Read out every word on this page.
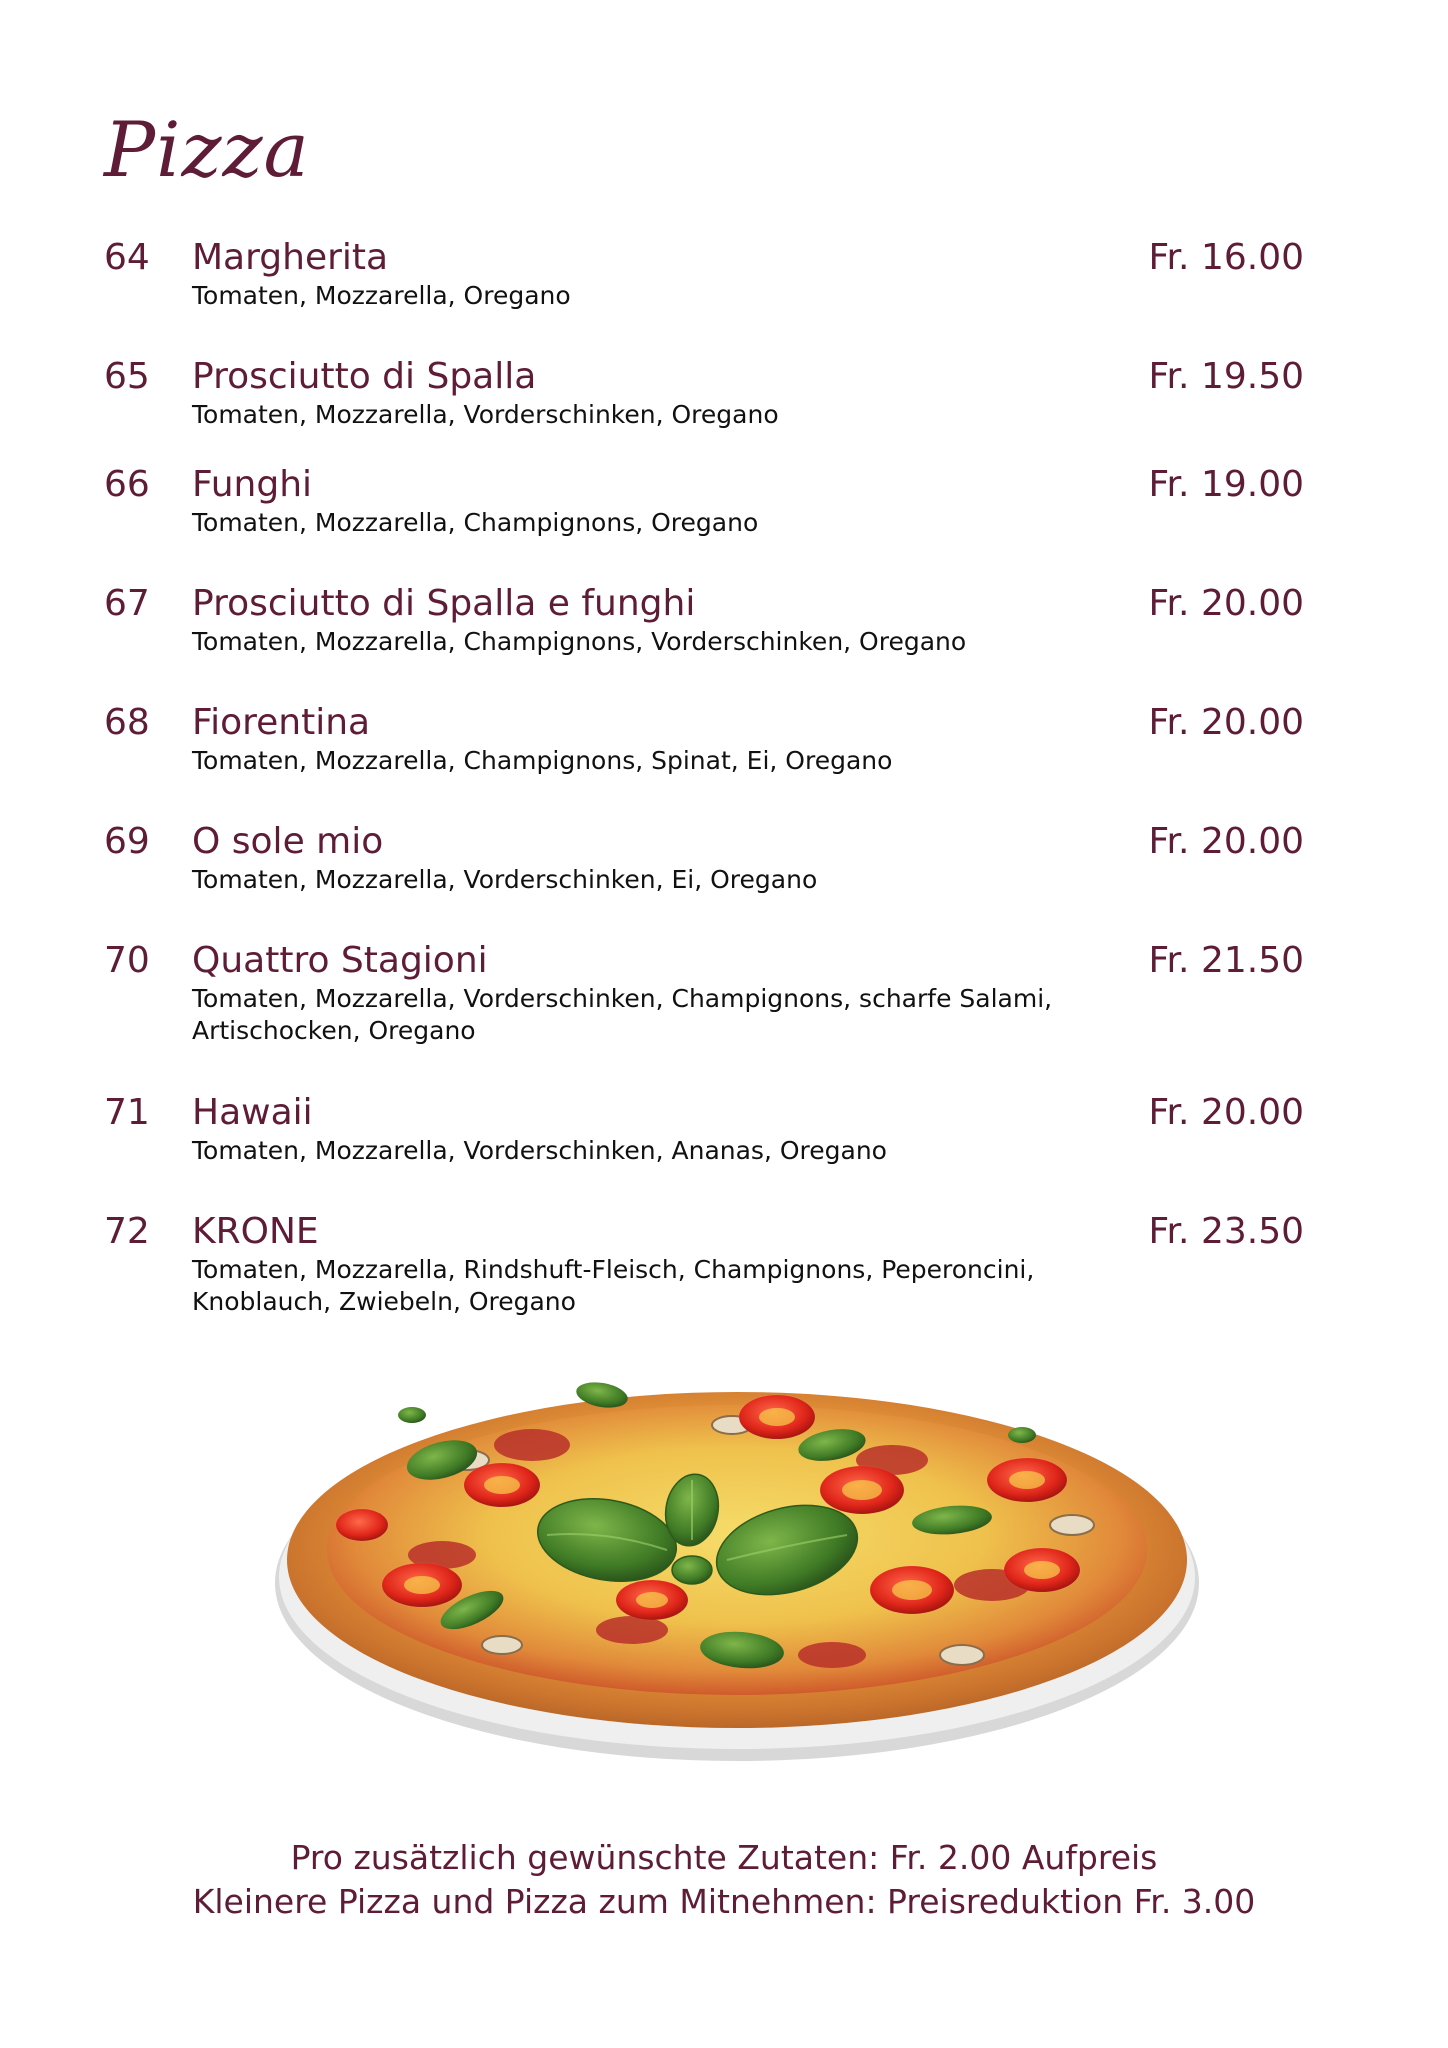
Pizza
64 Margherita	Fr. 16.00
Tomaten, Mozzarella, Oregano
65 Prosciutto di Spalla	Fr. 19.50
Tomaten, Mozzarella, Vorderschinken, Oregano
66 Funghi	Fr. 19.00
Tomaten, Mozzarella, Champignons, Oregano
67 Prosciutto di Spalla e funghi	Fr. 20.00
Tomaten, Mozzarella, Champignons, Vorderschinken, Oregano
68 Fiorentina	Fr. 20.00
Tomaten, Mozzarella, Champignons, Spinat, Ei, Oregano
69 O sole mio	Fr. 20.00
Tomaten, Mozzarella, Vorderschinken, Ei, Oregano
70 Quattro Stagioni	Fr. 21.50
Tomaten, Mozzarella, Vorderschinken, Champignons, scharfe Salami, Artischocken, Oregano
71 Hawaii	Fr. 20.00
Tomaten, Mozzarella, Vorderschinken, Ananas, Oregano
72 KRONE	Fr. 23.50
Tomaten, Mozzarella, Rindshuft-Fleisch, Champignons, Peperoncini, Knoblauch, Zwiebeln, Oregano
Pro zusätzlich gewünschte Zutaten: Fr. 2.00 Aufpreis
Kleinere Pizza und Pizza zum Mitnehmen: Preisreduktion Fr. 3.00
